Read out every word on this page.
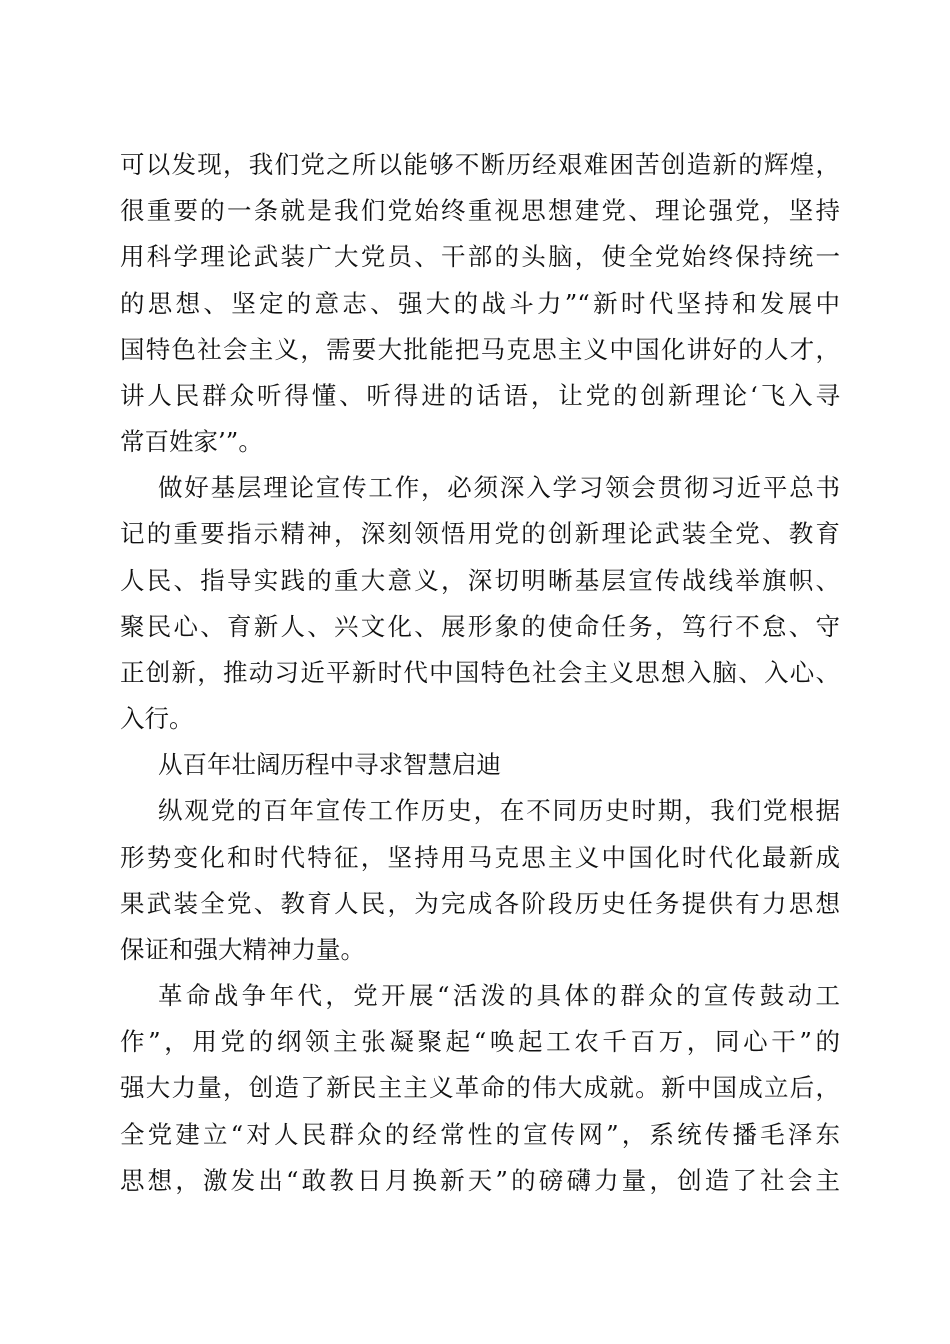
可以发现，我们党之所以能够不断历经艰难困苦创造新的辉煌，
很重要的一条就是我们党始终重视思想建党、理论强党，坚持
用科学理论武装广大党员、干部的头脑，使全党始终保持统一
的思想、坚定的意志、强大的战斗力”“新时代坚持和发展中
国特色社会主义，需要大批能把马克思主义中国化讲好的人才，
讲人民群众听得懂、听得进的话语，让党的创新理论‘飞入寻
常百姓家’”。
做好基层理论宣传工作，必须深入学习领会贯彻习近平总书
记的重要指示精神，深刻领悟用党的创新理论武装全党、教育
人民、指导实践的重大意义，深切明晰基层宣传战线举旗帜、
聚民心、育新人、兴文化、展形象的使命任务，笃行不怠、守
正创新，推动习近平新时代中国特色社会主义思想入脑、入心、
入行。
从百年壮阔历程中寻求智慧启迪
纵观党的百年宣传工作历史，在不同历史时期，我们党根据
形势变化和时代特征，坚持用马克思主义中国化时代化最新成
果武装全党、教育人民，为完成各阶段历史任务提供有力思想
保证和强大精神力量。
革命战争年代，党开展“活泼的具体的群众的宣传鼓动工
作”，用党的纲领主张凝聚起“唤起工农千百万，同心干”的
强大力量，创造了新民主主义革命的伟大成就。新中国成立后，
全党建立“对人民群众的经常性的宣传网”，系统传播毛泽东
思想，激发出“敢教日月换新天”的磅礴力量，创造了社会主
